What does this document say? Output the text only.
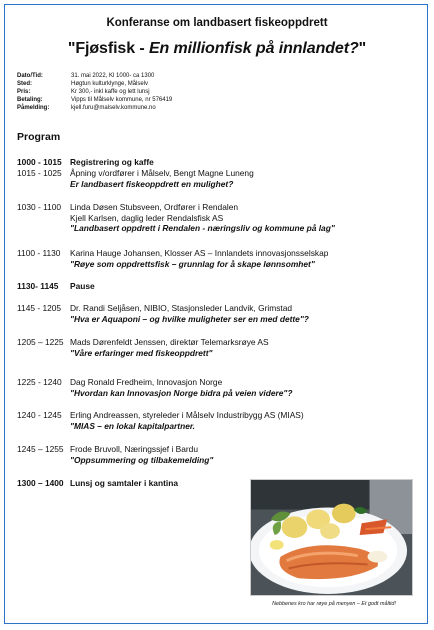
Konferanse om landbasert fiskeoppdrett
"Fjøsfisk - En millionfisk på innlandet?"
Dato/Tid:	31. mai 2022, Kl 1000- ca 1300
Sted:	Høgtun kulturklynge, Målselv
Pris:	Kr 300,- inkl kaffe og lett lunsj
Betaling:	Vipps til Målselv kommune, nr 576419
Påmelding:	kjell.furu@malselv.kommune.no
Program
1000 - 1015 Registrering og kaffe
1015 - 1025 Åpning v/ordfører i Målselv, Bengt Magne Luneng
Er landbasert fiskeoppdrett en mulighet?
1030 - 1100	Linda Døsen Stubsveen, Ordfører i Rendalen
Kjell Karlsen, daglig leder Rendalsfisk AS
"Landbasert oppdrett i Rendalen - næringsliv og kommune på lag"
1100 - 1130	Karina Hauge Johansen, Klosser AS – Innlandets innovasjonsselskap
"Røye som oppdrettsfisk – grunnlag for å skape lønnsomhet"
1130- 1145	Pause
1145 - 1205	Dr. Randi Seljåsen, NIBIO, Stasjonsleder Landvik, Grimstad
"Hva er Aquaponi – og hvilke muligheter ser en med dette"?
1205 – 1225 Mads Dørenfeldt Jenssen, direktør Telemarksrøye AS
"Våre erfaringer med fiskeoppdrett"
1225 - 1240 Dag Ronald Fredheim, Innovasjon Norge
"Hvordan kan Innovasjon Norge bidra på veien videre"?
1240 - 1245 Erling Andreassen, styreleder i Målselv Industribygg AS (MIAS)
"MIAS – en lokal kapitalpartner.
1245 – 1255 Frode Bruvoll, Næringssjef i Bardu
"Oppsummering og tilbakemelding"
1300 – 1400 Lunsj og samtaler i kantina
Nebbenes kro har røye på menyen – Et godt måltid!
